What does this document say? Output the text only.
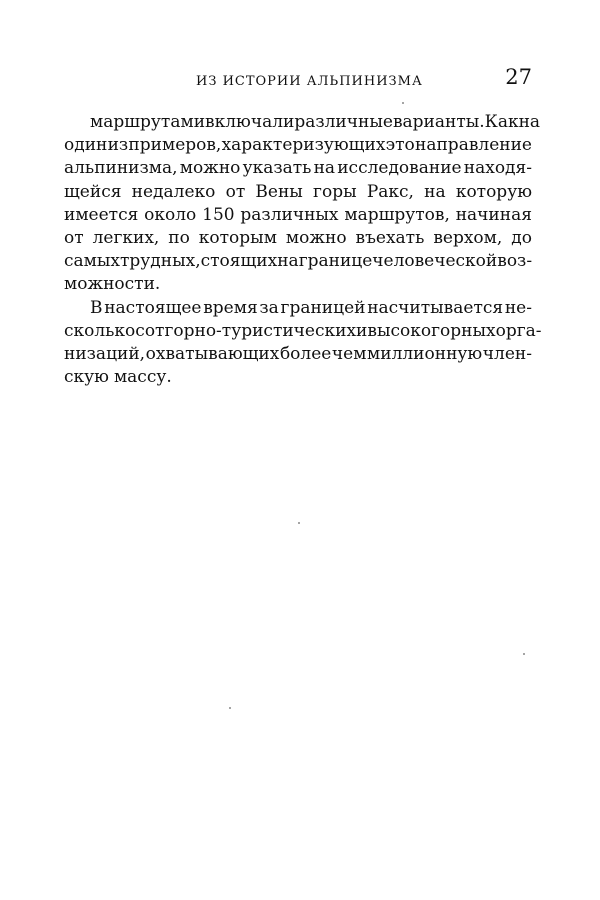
ИЗ ИСТОРИИ АЛЬПИНИЗМА	27
маршрутами включали различные варианты. Как на
один из примеров, характеризующих это направление
альпинизма, можно указать на исследование находя-
щейся недалеко от Вены горы Ракс, на которую
имеется около 150 различных маршрутов, начиная
от легких, по которым можно въехать верхом, до
самых трудных, стоящих на границе человеческой воз-
можности.
В настоящее время за границей насчитывается не-
сколько сот горно-туристических и высокогорных орга-
низаций, охватывающих более чем миллионную член-
скую массу.
